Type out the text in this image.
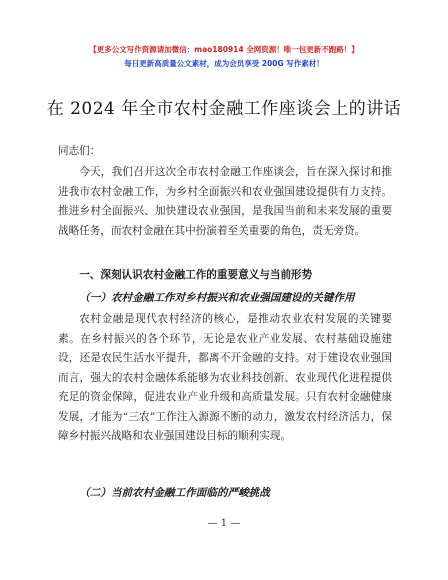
【更多公文写作资源请加微信：mao180914 全网资源！唯一包更新不跑路！】
每日更新高质量公文素材，成为会员享受 200G 写作素材！
在 2024 年全市农村金融工作座谈会上的讲话
同志们：

今天，我们召开这次全市农村金融工作座谈会，旨在深入探讨和推进我市农村金融工作，为乡村全面振兴和农业强国建设提供有力支持。推进乡村全面振兴、加快建设农业强国，是我国当前和未来发展的重要战略任务，而农村金融在其中扮演着至关重要的角色，责无旁贷。

一、深刻认识农村金融工作的重要意义与当前形势
（一）农村金融工作对乡村振兴和农业强国建设的关键作用

农村金融是现代农村经济的核心，是推动农业农村发展的关键要素。在乡村振兴的各个环节，无论是农业产业发展、农村基础设施建设，还是农民生活水平提升，都离不开金融的支持。对于建设农业强国而言，强大的农村金融体系能够为农业科技创新、农业现代化进程提供充足的资金保障，促进农业产业升级和高质量发展。只有农村金融健康发展，才能为“三农”工作注入源源不断的动力，激发农村经济活力，保障乡村振兴战略和农业强国建设目标的顺利实现。

（二）当前农村金融工作面临的严峻挑战
— 1 —
